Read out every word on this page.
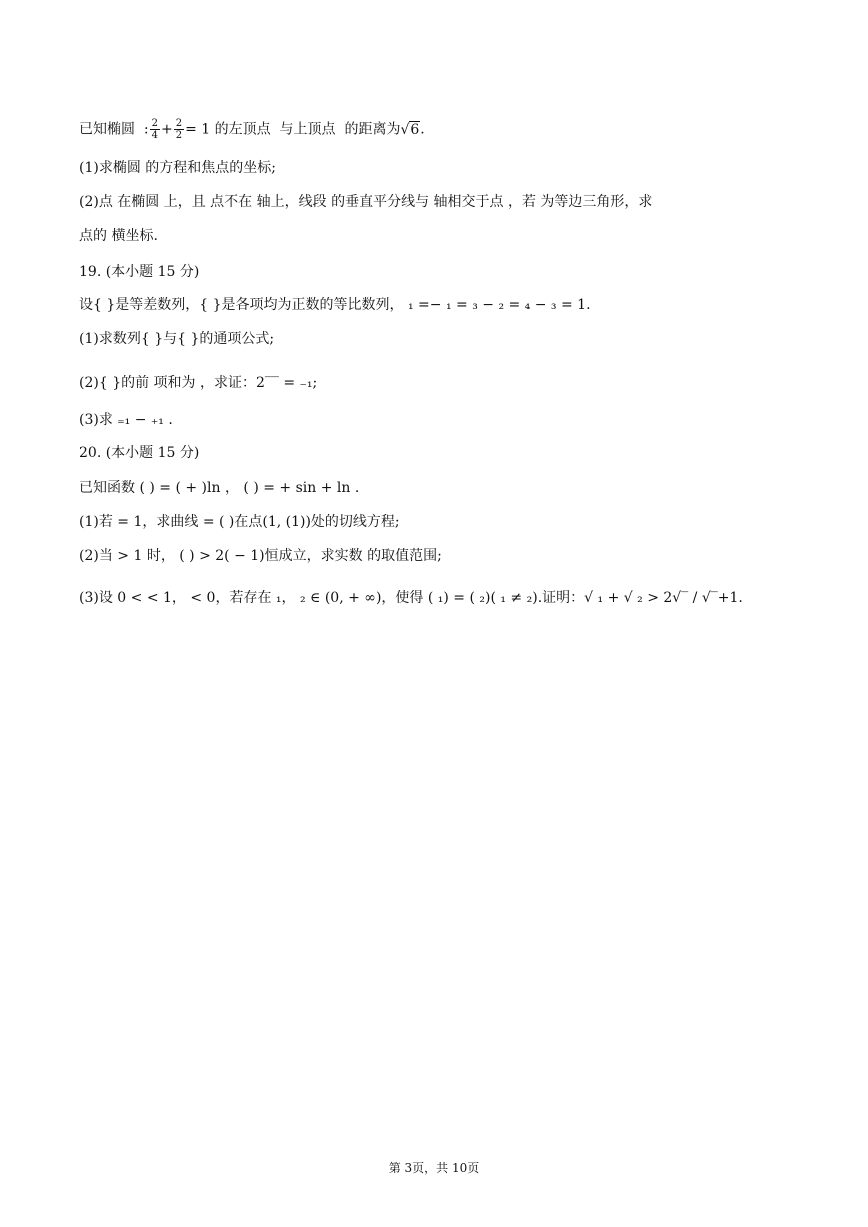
已知椭圆  : $\frac{2}{4} + \frac{2}{2} = 1$ 的左顶点  与上顶点  的距离为√6.
(1)求椭圆 的方程和焦点的坐标;
(2)点 在椭圆 上，且 点不在 轴上，线段 的垂直平分线与 轴相交于点 ，若 为等边三角形，求
点的 横坐标.
19. (本小题 15 分)
设{ }是等差数列，{ }是各项均为正数的等比数列， ₁ =− ₁ = ₃ − ₂ = ₄ − ₃ = 1.
(1)求数列{ }与{ }的通项公式;
(2){ }的前 项和为 ，求证：2‾‾ = ₋₁;
(3)求 ₌₁ − ₊₁ .
20. (本小题 15 分)
已知函数 ( ) = ( + )ln ， ( ) = + sin + ln .
(1)若 = 1，求曲线 = ( )在点(1, (1))处的切线方程;
(2)当 > 1 时， ( ) > 2( − 1)恒成立，求实数 的取值范围;
(3)设 0 < < 1， < 0，若存在 ₁， ₂ ∈ (0, + ∞)，使得 ( ₁) = ( ₂)( ₁ ≠ ₂).证明：√ ₁ + √ ₂ > 2√‾ / √‾+1.
第 3页，共 10页
